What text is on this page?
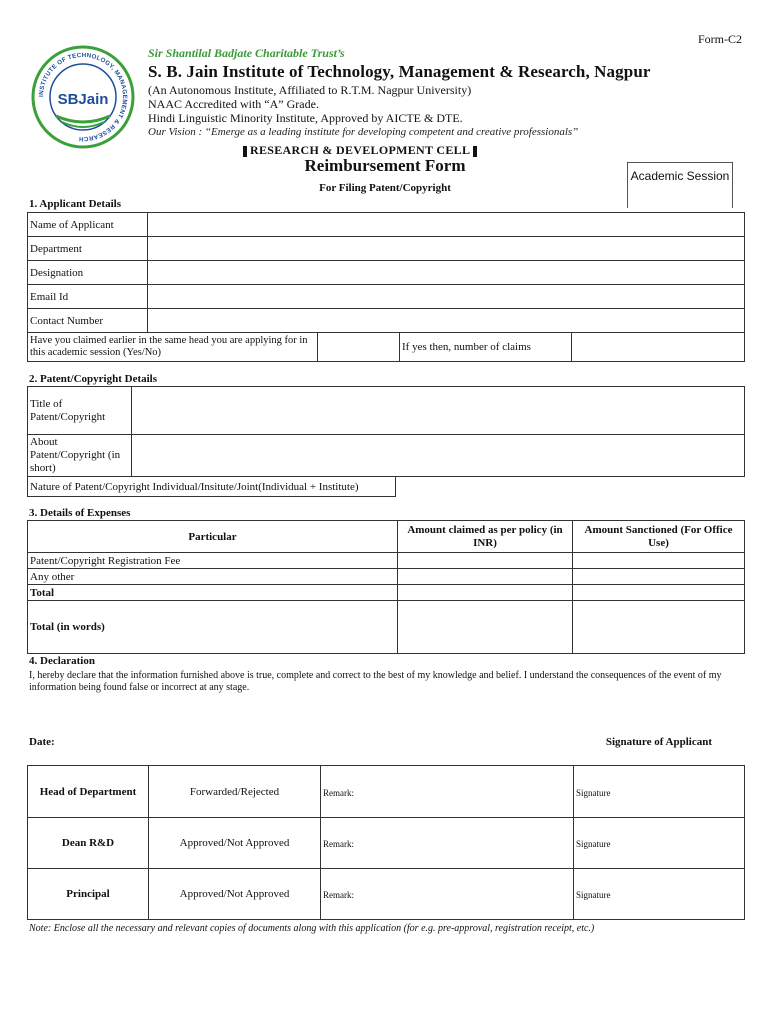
Form-C2
INSTITUTE OF TECHNOLOGY, MANAGEMENT & RESEARCH
SBJain
Sir Shantilal Badjate Charitable Trust’s
S. B. Jain Institute of Technology, Management & Research, Nagpur
(An Autonomous Institute, Affiliated to R.T.M. Nagpur University)
NAAC Accredited with “A” Grade.
Hindi Linguistic Minority Institute, Approved by AICTE & DTE.
Our Vision : “Emerge as a leading institute for developing competent and creative professionals”
RESEARCH & DEVELOPMENT CELL
Reimbursement Form
For Filing Patent/Copyright
Academic Session
1. Applicant Details
Name of Applicant				
Department				
Designation				
Email Id				
Contact Number				
Have you claimed earlier in the same head you are applying for in this academic session (Yes/No)			If yes then, number of claims	
2. Patent/Copyright Details
Title of Patent/Copyright		
About Patent/Copyright (in short)		
Nature of Patent/Copyright Individual/Insitute/Joint(Individual + Institute)		
3. Details of Expenses
Particular	Amount claimed as per policy (in INR)	Amount Sanctioned (For Office Use)
Patent/Copyright Registration Fee		
Any other		
Total		
Total (in words)		
4. Declaration
I, hereby declare that the information furnished above is true, complete and correct to the best of my knowledge and belief. I understand the consequences of the event of my information being found false or incorrect at any stage.
Date:	Signature of Applicant
Head of Department	Forwarded/Rejected	Remark:	Signature
Dean R&D	Approved/Not Approved	Remark:	Signature
Principal	Approved/Not Approved	Remark:	Signature
Note: Enclose all the necessary and relevant copies of documents along with this application (for e.g. pre-approval, registration receipt, etc.)
